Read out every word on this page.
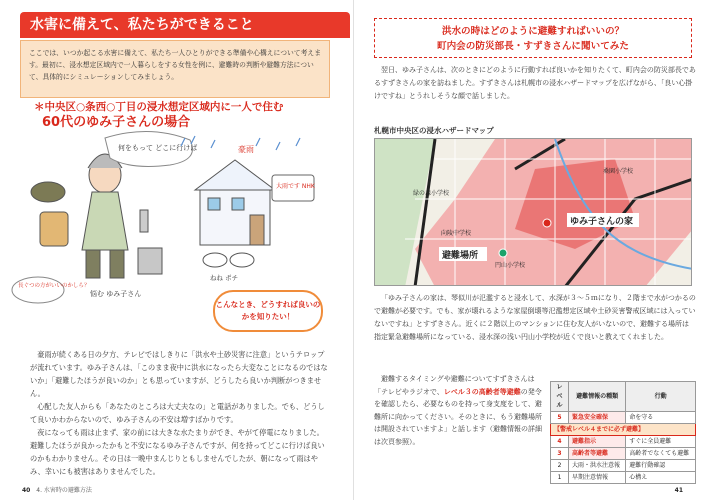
水害に備えて、私たちができること
ここでは、いつか起こる水害に備えて、私たち一人ひとりができる準備や心構えについて考えます。最初に、浸水想定区域内で一人暮らしをする女性を例に、避難時の判断や避難方法について、具体的にシミュレーションしてみましょう。
＊中央区○条西○丁目の浸水想定区域内に一人で住む
60代のゆみ子さんの場合
何をもって どこに行けば	豪雨
大雨です NHK
ねね ポチ
長ぐつの方がいいのかしら？
悩む ゆみ子さん
こんなとき、どうすれば良いのかを知りたい！

豪雨が続くある日の夕方、テレビではしきりに「洪水や土砂災害に注意」というテロップが流れています。ゆみ子さんは、「このまま夜中に洪水になったら大変なことになるのではないか」「避難したほうが良いのか」とも思っていますが、どうしたら良いか判断がつきません。

心配した友人からも「あなたのところは大丈夫なの」と電話がありました。でも、どうして良いかわからないので、ゆみ子さんの不安は増すばかりです。

夜になっても雨は止まず、家の前には大きな水たまりができ、やがて停電になりました。避難したほうが良かったかもと不安になるゆみ子さんですが、何を持ってどこに行けば良いのかもわかりません。その日は一晩中まんじりともしませんでしたが、朝になって雨はやみ、幸いにも被害はありませんでした。

40 4. 水害時の避難方法
洪水の時はどのように避難すればいいの？
町内会の防災部長・すずきさんに聞いてみた

翌日、ゆみ子さんは、次のときにどのように行動すれば良いかを知りたくて、町内会の防災部長であるすずきさんの家を訪ねました。すずきさんは札幌市の浸水ハザードマップを広げながら、「良い心掛けですね」とうれしそうな顔で話しました。

札幌市中央区の浸水ハザードマップ
ゆみ子さんの家
避難場所
円山小学校
桑園小学校
緑の森小学校
向陵中学校

「ゆみ子さんの家は、琴似川が氾濫すると浸水して、水深が３～５ｍになり、２階まで水がつかるので避難が必要です。でも、家が壊れるような家屋倒壊等氾濫想定区域や土砂災害警戒区域には入っていないですね」とすずきさん。近くに２階以上のマンションに住む友人がいないので、避難する場所は指定緊急避難場所になっている、浸水深の浅い円山小学校が近くで良いと教えてくれました。

避難するタイミングや避難についてすずきさんは「テレビやラジオで、レベル３の高齢者等避難の発令を確認したら、必要なものを持って身支度をして、避難所に向かってください。そのときに、もう避難場所は開設されていますよ」と話します（避難情報の詳細は次頁参照）。
レベル	避難情報の種類	行動
5	緊急安全確保	命を守る
【警戒レベル４までに必ず避難】		
4	避難指示	すぐに全員避難
3	高齢者等避難	高齢者でなくても避難
2	大雨・洪水注意報	避難行動確認
1	早期注意情報	心構え
41
